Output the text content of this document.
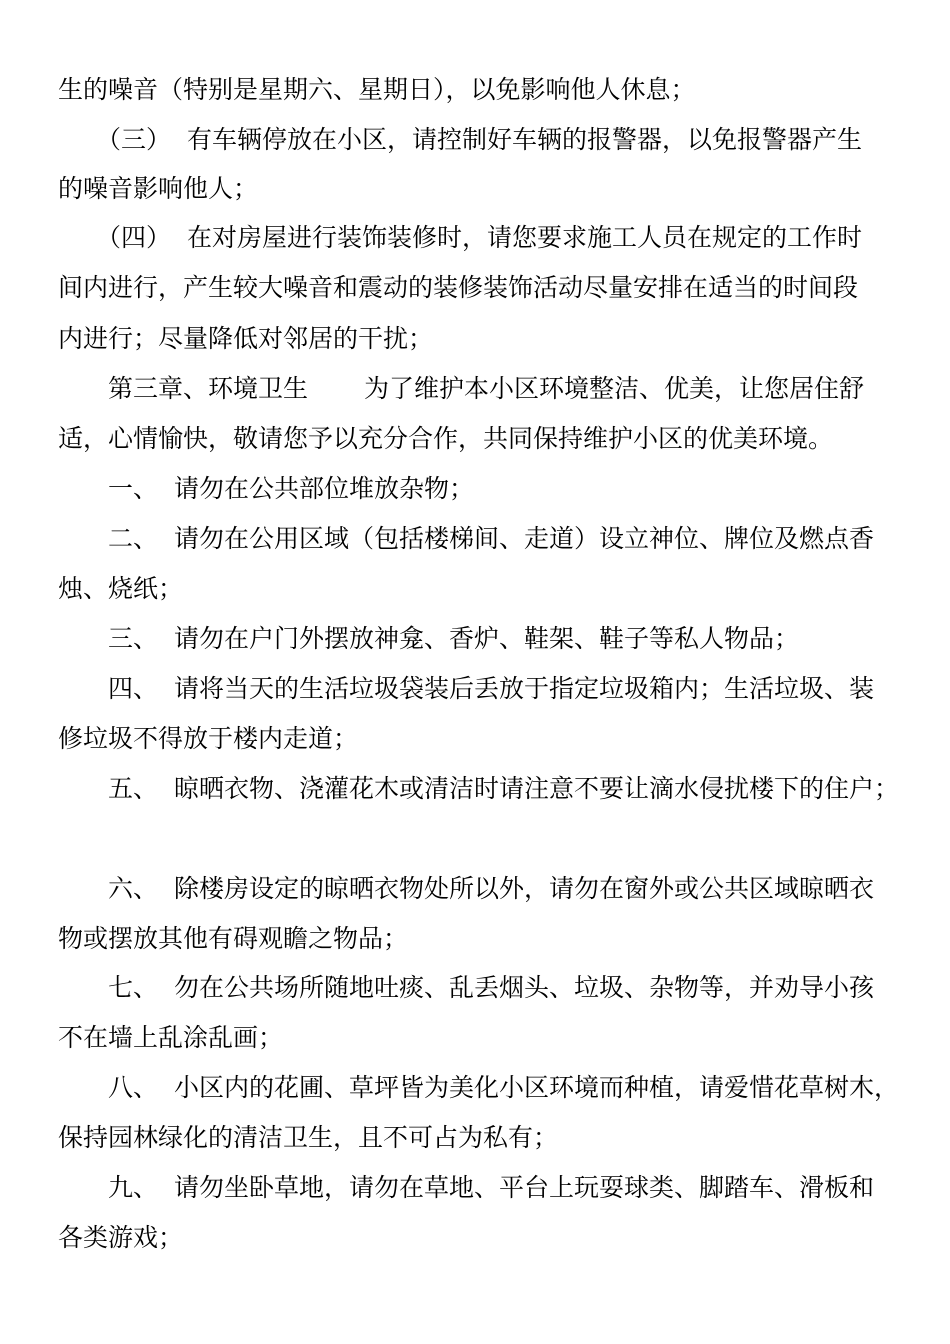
生的噪音（特别是星期六、星期日），以免影响他人休息；
（三） 有车辆停放在小区，请控制好车辆的报警器，以免报警器产生
的噪音影响他人；
（四） 在对房屋进行装饰装修时，请您要求施工人员在规定的工作时
间内进行，产生较大噪音和震动的装修装饰活动尽量安排在适当的时间段
内进行；尽量降低对邻居的干扰；
第三章、环境卫生 为了维护本小区环境整洁、优美，让您居住舒
适，心情愉快，敬请您予以充分合作，共同保持维护小区的优美环境。
一、 请勿在公共部位堆放杂物；
二、 请勿在公用区域（包括楼梯间、走道）设立神位、牌位及燃点香
烛、烧纸；
三、 请勿在户门外摆放神龛、香炉、鞋架、鞋子等私人物品；
四、 请将当天的生活垃圾袋装后丢放于指定垃圾箱内；生活垃圾、装
修垃圾不得放于楼内走道；
五、 晾晒衣物、浇灌花木或清洁时请注意不要让滴水侵扰楼下的住户；
六、 除楼房设定的晾晒衣物处所以外，请勿在窗外或公共区域晾晒衣
物或摆放其他有碍观瞻之物品；
七、 勿在公共场所随地吐痰、乱丢烟头、垃圾、杂物等，并劝导小孩
不在墙上乱涂乱画；
八、 小区内的花圃、草坪皆为美化小区环境而种植，请爱惜花草树木，
保持园林绿化的清洁卫生，且不可占为私有；
九、 请勿坐卧草地，请勿在草地、平台上玩耍球类、脚踏车、滑板和
各类游戏；
